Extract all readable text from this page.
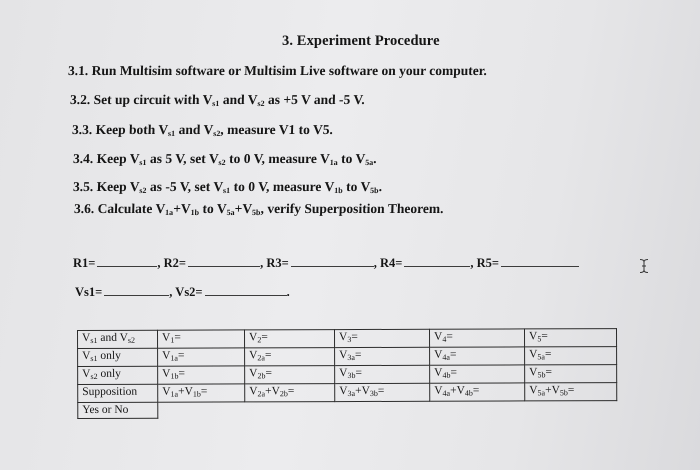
3. Experiment Procedure
3.1. Run Multisim software or Multisim Live software on your computer.
3.2. Set up circuit with $V_{s1}$ and $V_{s2}$ as +5 V and -5 V.
3.3. Keep both $V_{s1}$ and $V_{s2}$, measure V1 to V5.
3.4. Keep $V_{s1}$ as 5 V, set $V_{s2}$ to 0 V, measure $V_{1a}$ to $V_{5a}$.
3.5. Keep $V_{s2}$ as -5 V, set $V_{s1}$ to 0 V, measure $V_{1b}$ to $V_{5b}$.
3.6. Calculate $V_{1a}+V_{1b}$ to $V_{5a}+V_{5b}$, verify Superposition Theorem.
R1=	, R2=	, R3=	, R4=	, R5=
Vs1=	, Vs2=	.
$V_{s1}$ and $V_{s2}$	$V_1=$	$V_2=$	$V_3=$	$V_4=$	$V_5=$
$V_{s1}$ only	$V_{1a}=$	$V_{2a}=$	$V_{3a}=$	$V_{4a}=$	$V_{5a}=$
$V_{s2}$ only	$V_{1b}=$	$V_{2b}=$	$V_{3b}=$	$V_{4b}=$	$V_{5b}=$
Supposition	$V_{1a}+V_{1b}=$	$V_{2a}+V_{2b}=$	$V_{3a}+V_{3b}=$	$V_{4a}+V_{4b}=$	$V_{5a}+V_{5b}=$
Yes or No					
